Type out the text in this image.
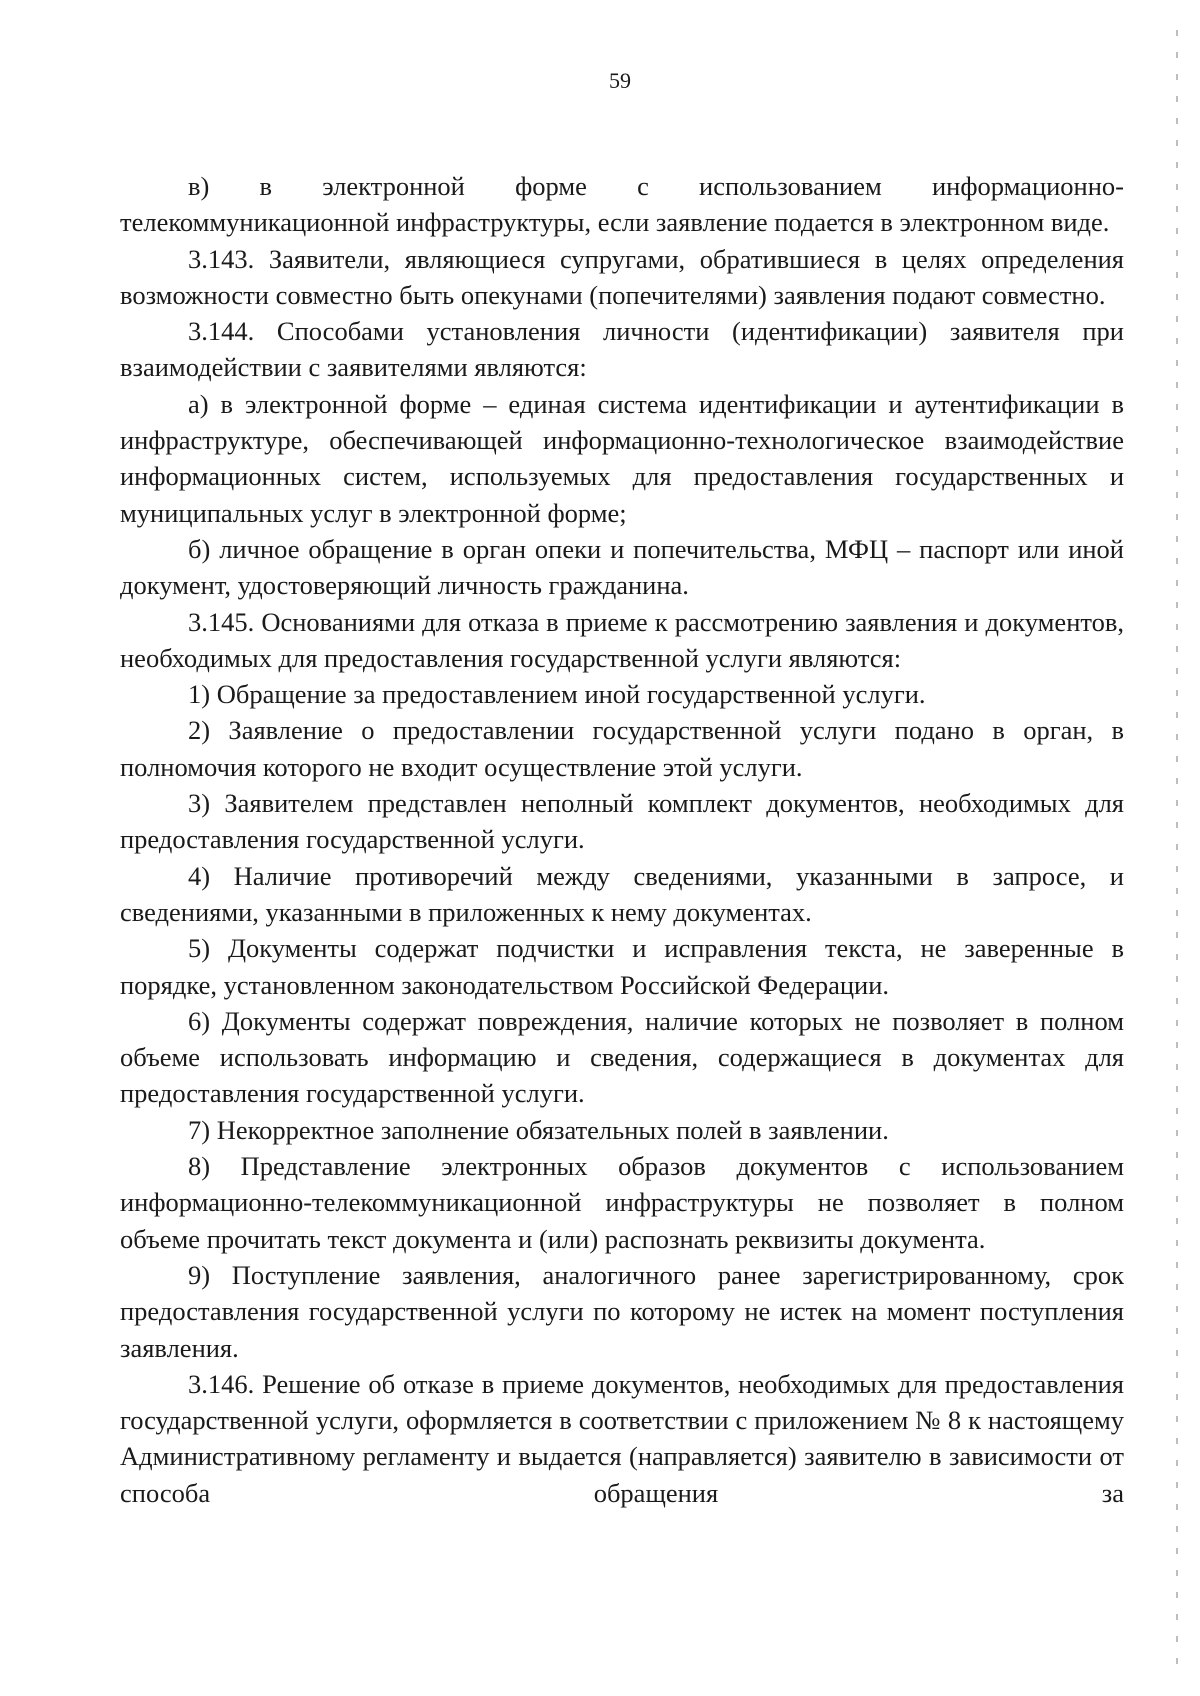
59

в) в электронной форме с использованием информационно-телекоммуникационной инфраструктуры, если заявление подается в электронном виде.

3.143. Заявители, являющиеся супругами, обратившиеся в целях определения возможности совместно быть опекунами (попечителями) заявления подают совместно.

3.144. Способами установления личности (идентификации) заявителя при взаимодействии с заявителями являются:

а) в электронной форме – единая система идентификации и аутентификации в инфраструктуре, обеспечивающей информационно-технологическое взаимодействие информационных систем, используемых для предоставления государственных и муниципальных услуг в электронной форме;

б) личное обращение в орган опеки и попечительства, МФЦ – паспорт или иной документ, удостоверяющий личность гражданина.

3.145. Основаниями для отказа в приеме к рассмотрению заявления и документов, необходимых для предоставления государственной услуги являются:

1) Обращение за предоставлением иной государственной услуги.

2) Заявление о предоставлении государственной услуги подано в орган, в полномочия которого не входит осуществление этой услуги.

3) Заявителем представлен неполный комплект документов, необходимых для предоставления государственной услуги.

4) Наличие противоречий между сведениями, указанными в запросе, и сведениями, указанными в приложенных к нему документах.

5) Документы содержат подчистки и исправления текста, не заверенные в порядке, установленном законодательством Российской Федерации.

6) Документы содержат повреждения, наличие которых не позволяет в полном объеме использовать информацию и сведения, содержащиеся в документах для предоставления государственной услуги.

7) Некорректное заполнение обязательных полей в заявлении.

8) Представление электронных образов документов с использованием информационно-телекоммуникационной инфраструктуры не позволяет в полном объеме прочитать текст документа и (или) распознать реквизиты документа.

9) Поступление заявления, аналогичного ранее зарегистрированному, срок предоставления государственной услуги по которому не истек на момент поступления заявления.

3.146. Решение об отказе в приеме документов, необходимых для предоставления государственной услуги, оформляется в соответствии с приложением № 8 к настоящему Административному регламенту и выдается (направляется) заявителю в зависимости от способа обращения за
